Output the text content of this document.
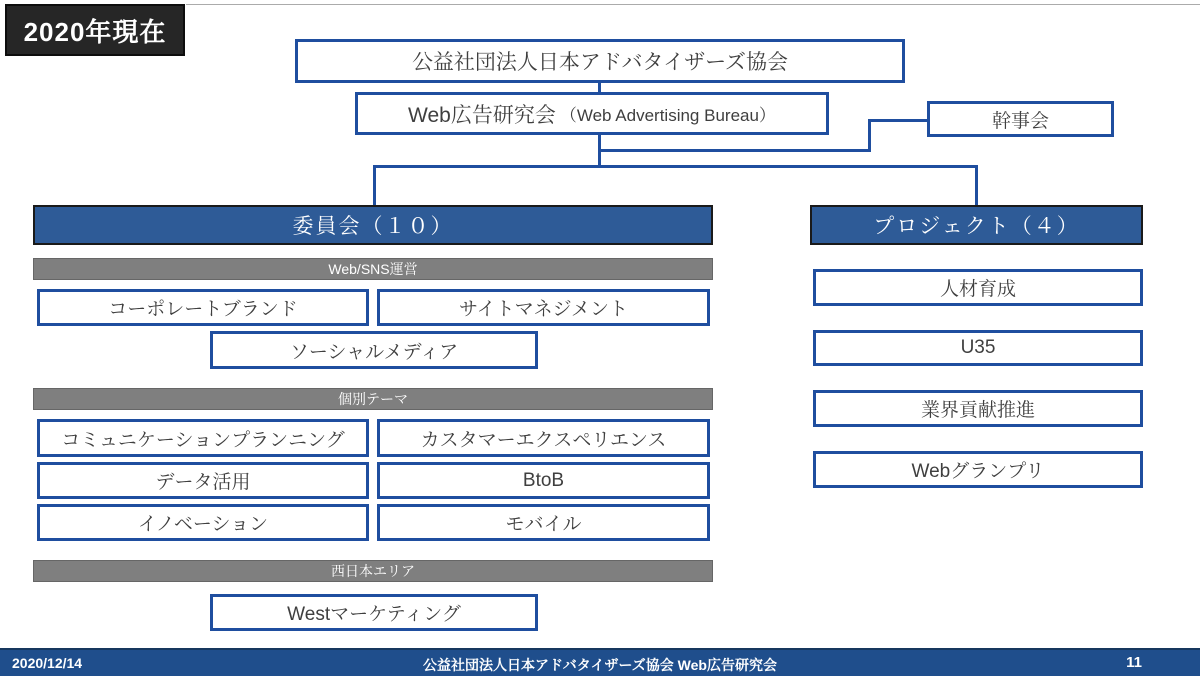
2020年現在
公益社団法人日本アドバタイザーズ協会
Web広告研究会 （Web Advertising Bureau）	幹事会
委員会（１０）
Web/SNS運営
コーポレートブランド	サイトマネジメント
ソーシャルメディア
個別テーマ
コミュニケーションプランニング	カスタマーエクスペリエンス
データ活用	BtoB
イノベーション	モバイル
西日本エリア
Westマーケティング
プロジェクト（４）
人材育成
U35
業界貢献推進
Webグランプリ
2020/12/14	公益社団法人日本アドバタイザーズ協会 Web広告研究会	11
